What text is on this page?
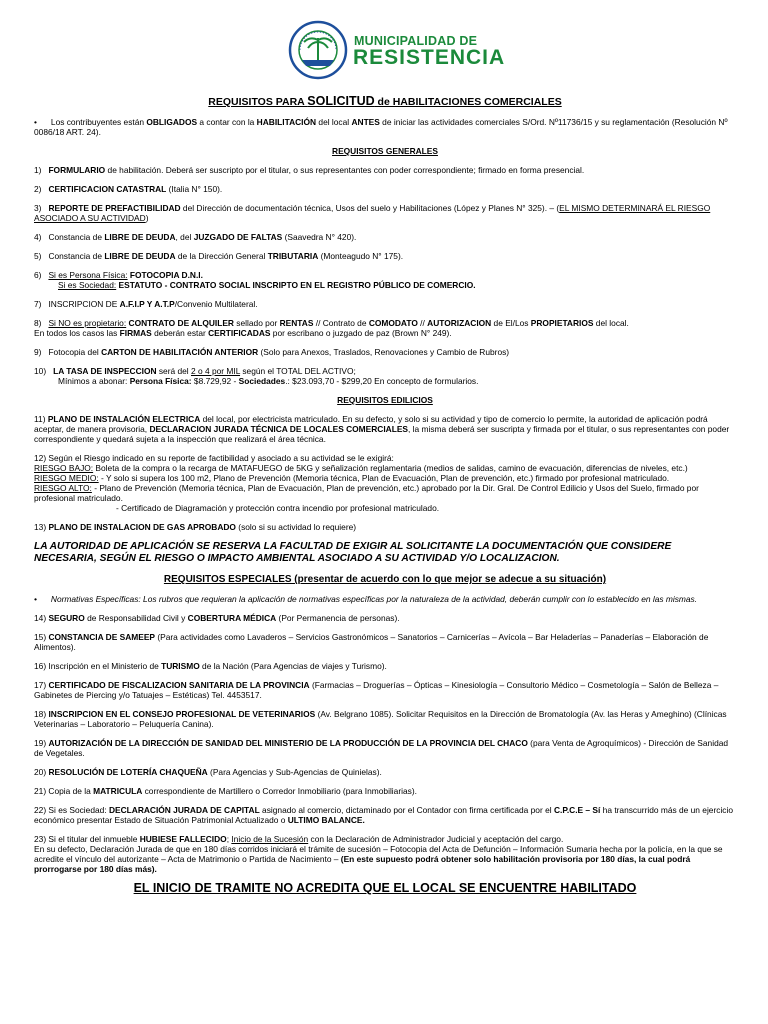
MUNICIPALIDAD DE
RESISTENCIA
REQUISITOS PARA SOLICITUD de HABILITACIONES COMERCIALES

• Los contribuyentes están OBLIGADOS a contar con la HABILITACIÓN del local ANTES de iniciar las actividades comerciales S/Ord. Nº11736/15 y su reglamentación (Resolución Nº 0086/18 ART. 24).

REQUISITOS GENERALES

1) FORMULARIO de habilitación. Deberá ser suscripto por el titular, o sus representantes con poder correspondiente; firmado en forma presencial.

2) CERTIFICACION CATASTRAL (Italia N° 150).

3) REPORTE DE PREFACTIBILIDAD del Dirección de documentación técnica, Usos del suelo y Habilitaciones (López y Planes N° 325). – (EL MISMO DETERMINARÁ EL RIESGO ASOCIADO A SU ACTIVIDAD)

4) Constancia de LIBRE DE DEUDA, del JUZGADO DE FALTAS (Saavedra N° 420).

5) Constancia de LIBRE DE DEUDA de la Dirección General TRIBUTARIA (Monteagudo N° 175).

6) Si es Persona Física: FOTOCOPIA D.N.I.
Si es Sociedad: ESTATUTO - CONTRATO SOCIAL INSCRIPTO EN EL REGISTRO PÚBLICO DE COMERCIO.

7) INSCRIPCION DE A.F.I.P Y A.T.P/Convenio Multilateral.

8) Si NO es propietario: CONTRATO DE ALQUILER sellado por RENTAS // Contrato de COMODATO // AUTORIZACION de El/Los PROPIETARIOS del local.
En todos los casos las FIRMAS deberán estar CERTIFICADAS por escribano o juzgado de paz (Brown N° 249).

9) Fotocopia del CARTON DE HABILITACIÓN ANTERIOR (Solo para Anexos, Traslados, Renovaciones y Cambio de Rubros)

10) LA TASA DE INSPECCION será del 2 o 4 por MIL según el TOTAL DEL ACTIVO;
Mínimos a abonar: Persona Física: $8.729,92 - Sociedades.: $23.093,70 - $299,20 En concepto de formularios.

REQUISITOS EDILICIOS

11) PLANO DE INSTALACIÓN ELECTRICA del local, por electricista matriculado. En su defecto, y solo si su actividad y tipo de comercio lo permite, la autoridad de aplicación podrá aceptar, de manera provisoria, DECLARACION JURADA TÉCNICA DE LOCALES COMERCIALES, la misma deberá ser suscripta y firmada por el titular, o sus representantes con poder correspondiente y quedará sujeta a la inspección que realizará el área técnica.

12) Según el Riesgo indicado en su reporte de factibilidad y asociado a su actividad se le exigirá:
RIESGO BAJO: Boleta de la compra o la recarga de MATAFUEGO de 5KG y señalización reglamentaria (medios de salidas, camino de evacuación, diferencias de niveles, etc.)
RIESGO MEDIO: - Y solo si supera los 100 m2, Plano de Prevención (Memoria técnica, Plan de Evacuación, Plan de prevención, etc.) firmado por profesional matriculado.
RIESGO ALTO: - Plano de Prevención (Memoria técnica, Plan de Evacuación, Plan de prevención, etc.) aprobado por la Dir. Gral. De Control Edilicio y Usos del Suelo, firmado por profesional matriculado.
- Certificado de Diagramación y protección contra incendio por profesional matriculado.

13) PLANO DE INSTALACION DE GAS APROBADO (solo si su actividad lo requiere)

LA AUTORIDAD DE APLICACIÓN SE RESERVA LA FACULTAD DE EXIGIR AL SOLICITANTE LA DOCUMENTACIÓN QUE CONSIDERE NECESARIA, SEGÚN EL RIESGO O IMPACTO AMBIENTAL ASOCIADO A SU ACTIVIDAD Y/O LOCALIZACION.
REQUISITOS ESPECIALES (presentar de acuerdo con lo que mejor se adecue a su situación)

• Normativas Específicas: Los rubros que requieran la aplicación de normativas específicas por la naturaleza de la actividad, deberán cumplir con lo establecido en las mismas.

14) SEGURO de Responsabilidad Civil y COBERTURA MÉDICA (Por Permanencia de personas).

15) CONSTANCIA DE SAMEEP (Para actividades como Lavaderos – Servicios Gastronómicos – Sanatorios – Carnicerías – Avícola – Bar Heladerías – Panaderías – Elaboración de Alimentos).

16) Inscripción en el Ministerio de TURISMO de la Nación (Para Agencias de viajes y Turismo).

17) CERTIFICADO DE FISCALIZACION SANITARIA DE LA PROVINCIA (Farmacias – Droguerías – Ópticas – Kinesiología – Consultorio Médico – Cosmetología – Salón de Belleza – Gabinetes de Piercing y/o Tatuajes – Estéticas) Tel. 4453517.

18) INSCRIPCION EN EL CONSEJO PROFESIONAL DE VETERINARIOS (Av. Belgrano 1085). Solicitar Requisitos en la Dirección de Bromatología (Av. las Heras y Ameghino) (Clínicas Veterinarias – Laboratorio – Peluquería Canina).

19) AUTORIZACIÓN DE LA DIRECCIÓN DE SANIDAD DEL MINISTERIO DE LA PRODUCCIÓN DE LA PROVINCIA DEL CHACO (para Venta de Agroquímicos) - Dirección de Sanidad de Vegetales.

20) RESOLUCIÓN DE LOTERÍA CHAQUEÑA (Para Agencias y Sub-Agencias de Quinielas).

21) Copia de la MATRICULA correspondiente de Martillero o Corredor Inmobiliario (para Inmobiliarias).

22) Si es Sociedad: DECLARACIÓN JURADA DE CAPITAL asignado al comercio, dictaminado por el Contador con firma certificada por el C.P.C.E – Sí ha transcurrido más de un ejercicio económico presentar Estado de Situación Patrimonial Actualizado o ULTIMO BALANCE.

23) Si el titular del inmueble HUBIESE FALLECIDO; Inicio de la Sucesión con la Declaración de Administrador Judicial y aceptación del cargo.
En su defecto, Declaración Jurada de que en 180 días corridos iniciará el trámite de sucesión – Fotocopia del Acta de Defunción – Información Sumaria hecha por la policía, en la que se acredite el vínculo del autorizante – Acta de Matrimonio o Partida de Nacimiento – (En este supuesto podrá obtener solo habilitación provisoria por 180 días, la cual podrá prorrogarse por 180 días más).

EL INICIO DE TRAMITE NO ACREDITA QUE EL LOCAL SE ENCUENTRE HABILITADO
